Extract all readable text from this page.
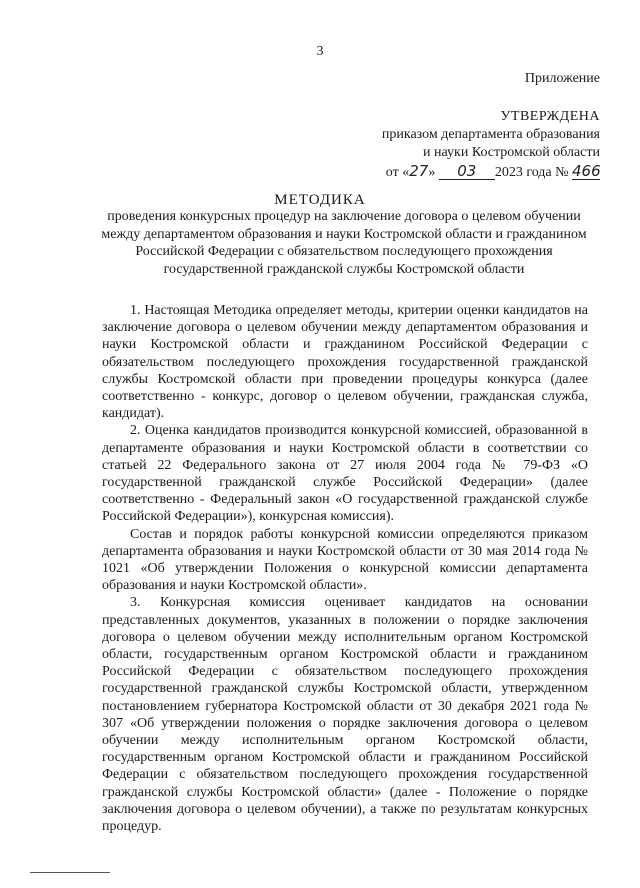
3
Приложение
УТВЕРЖДЕНА
приказом департамента образования
и науки Костромской области
от «27» 03 2023 года № 466
МЕТОДИКА
проведения конкурсных процедур на заключение договора о целевом обучении между департаментом образования и науки Костромской области и гражданином Российской Федерации с обязательством последующего прохождения государственной гражданской службы Костромской области

1. Настоящая Методика определяет методы, критерии оценки кандидатов на заключение договора о целевом обучении между департаментом образования и науки Костромской области и гражданином Российской Федерации с обязательством последующего прохождения государственной гражданской службы Костромской области при проведении процедуры конкурса (далее соответственно - конкурс, договор о целевом обучении, гражданская служба, кандидат).

2. Оценка кандидатов производится конкурсной комиссией, образованной в департаменте образования и науки Костромской области в соответствии со статьей 22 Федерального закона от 27 июля 2004 года № 79-ФЗ «О государственной гражданской службе Российской Федерации» (далее соответственно - Федеральный закон «О государственной гражданской службе Российской Федерации»), конкурсная комиссия).

Состав и порядок работы конкурсной комиссии определяются приказом департамента образования и науки Костромской области от 30 мая 2014 года № 1021 «Об утверждении Положения о конкурсной комиссии департамента образования и науки Костромской области».

3. Конкурсная комиссия оценивает кандидатов на основании представленных документов, указанных в положении о порядке заключения договора о целевом обучении между исполнительным органом Костромской области, государственным органом Костромской области и гражданином Российской Федерации с обязательством последующего прохождения государственной гражданской службы Костромской области, утвержденном постановлением губернатора Костромской области от 30 декабря 2021 года № 307 «Об утверждении положения о порядке заключения договора о целевом обучении между исполнительным органом Костромской области, государственным органом Костромской области и гражданином Российской Федерации с обязательством последующего прохождения государственной гражданской службы Костромской области» (далее - Положение о порядке заключения договора о целевом обучении), а также по результатам конкурсных процедур.
